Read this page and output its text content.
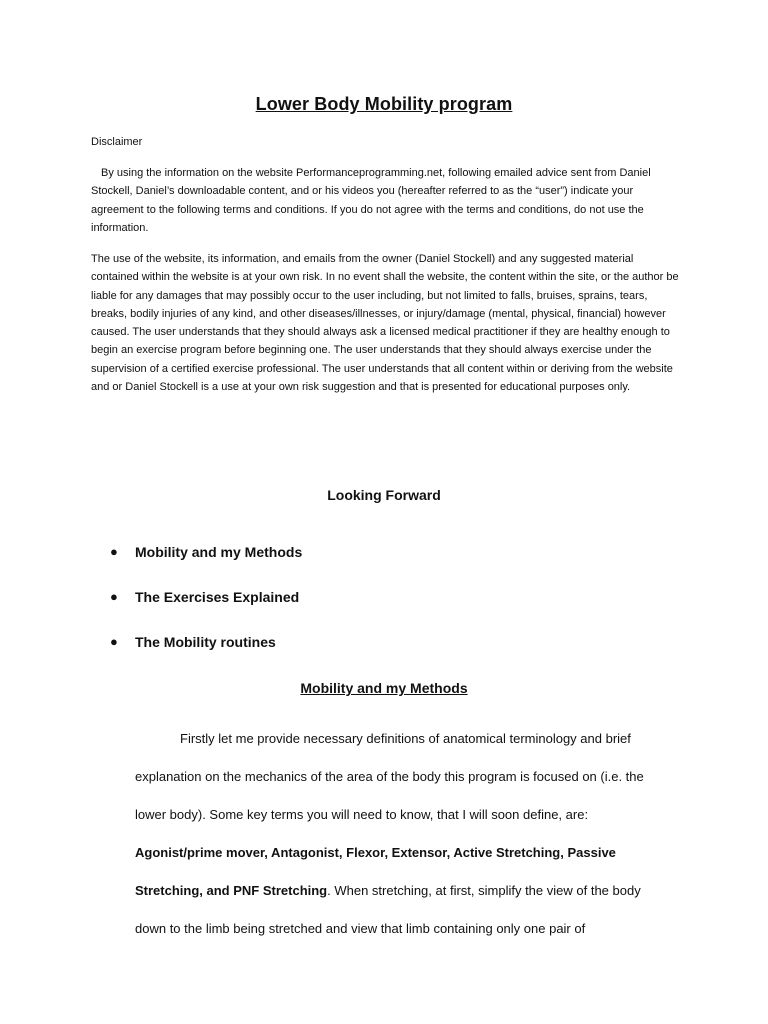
Lower Body Mobility program
Disclaimer
By using the information on the website Performanceprogramming.net, following emailed advice sent from Daniel Stockell, Daniel’s downloadable content, and or his videos you (hereafter referred to as the “user”) indicate your agreement to the following terms and conditions. If you do not agree with the terms and conditions, do not use the information.
The use of the website, its information, and emails from the owner (Daniel Stockell) and any suggested material contained within the website is at your own risk. In no event shall the website, the content within the site, or the author be liable for any damages that may possibly occur to the user including, but not limited to falls, bruises, sprains, tears, breaks, bodily injuries of any kind, and other diseases/illnesses, or injury/damage (mental, physical, financial) however caused. The user understands that they should always ask a licensed medical practitioner if they are healthy enough to begin an exercise program before beginning one. The user understands that they should always exercise under the supervision of a certified exercise professional. The user understands that all content within or deriving from the website and or Daniel Stockell is a use at your own risk suggestion and that is presented for educational purposes only.
Looking Forward
●	Mobility and my Methods
●	The Exercises Explained
●	The Mobility routines
Mobility and my Methods

Firstly let me provide necessary definitions of anatomical terminology and brief explanation on the mechanics of the area of the body this program is focused on (i.e. the lower body). Some key terms you will need to know, that I will soon define, are: Agonist/prime mover, Antagonist, Flexor, Extensor, Active Stretching, Passive Stretching, and PNF Stretching. When stretching, at first, simplify the view of the body down to the limb being stretched and view that limb containing only one pair of
